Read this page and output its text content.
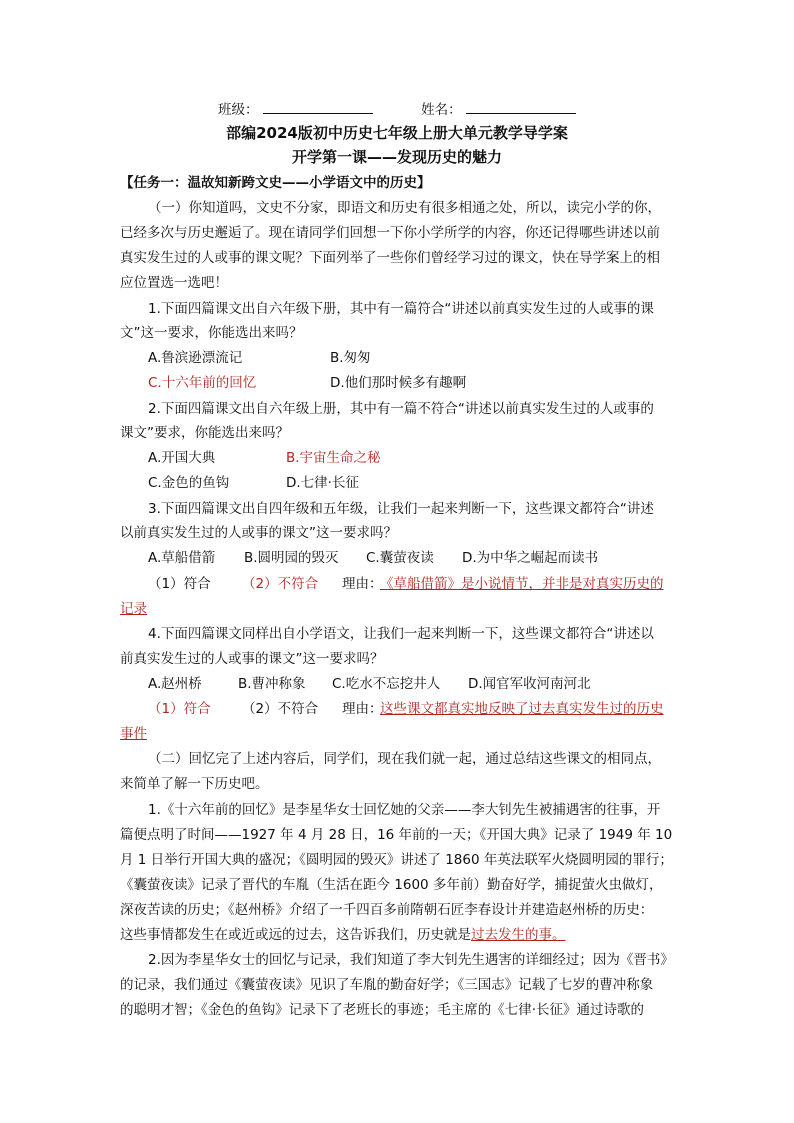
班级：	姓名：
部编2024版初中历史七年级上册大单元教学导学案
开学第一课——发现历史的魅力
【任务一：温故知新跨文史——小学语文中的历史】
（一）你知道吗，文史不分家，即语文和历史有很多相通之处，所以，读完小学的你，
已经多次与历史邂逅了。现在请同学们回想一下你小学所学的内容，你还记得哪些讲述以前
真实发生过的人或事的课文呢？下面列举了一些你们曾经学习过的课文，快在导学案上的相
应位置选一选吧！
1.下面四篇课文出自六年级下册，其中有一篇符合“讲述以前真实发生过的人或事的课
文”这一要求，你能选出来吗？
A.鲁滨逊漂流记	B.匆匆
C.十六年前的回忆	D.他们那时候多有趣啊
2.下面四篇课文出自六年级上册，其中有一篇不符合“讲述以前真实发生过的人或事的
课文”要求，你能选出来吗？
A.开国大典	B.宇宙生命之秘
C.金色的鱼钩	D.七律·长征
3.下面四篇课文出自四年级和五年级，让我们一起来判断一下，这些课文都符合“讲述
以前真实发生过的人或事的课文”这一要求吗？
A.草船借箭 B.圆明园的毁灭 C.囊萤夜读 D.为中华之崛起而读书
（1）符合 （2）不符合 理由：
《草船借箭》是小说情节，并非是对真实历史的
记录
4.下面四篇课文同样出自小学语文，让我们一起来判断一下，这些课文都符合“讲述以
前真实发生过的人或事的课文”这一要求吗？
A.赵州桥	B.曹冲称象 C.吃水不忘挖井人 D.闻官军收河南河北
（1）符合 （2）不符合 理由：
这些课文都真实地反映了过去真实发生过的历史
事件
（二）回忆完了上述内容后，同学们，现在我们就一起，通过总结这些课文的相同点，
来简单了解一下历史吧。
1.《十六年前的回忆》是李星华女士回忆她的父亲——李大钊先生被捕遇害的往事，开
篇便点明了时间——1927 年 4 月 28 日，16 年前的一天；《开国大典》记录了 1949 年 10
月 1 日举行开国大典的盛况；《圆明园的毁灭》讲述了 1860 年英法联军火烧圆明园的罪行；
《囊萤夜读》记录了晋代的车胤（生活在距今 1600 多年前）勤奋好学，捕捉萤火虫做灯，
深夜苦读的历史；《赵州桥》介绍了一千四百多前隋朝石匠李春设计并建造赵州桥的历史：
这些事情都发生在或近或远的过去，这告诉我们，历史就是过去发生的事。
2.因为李星华女士的回忆与记录，我们知道了李大钊先生遇害的详细经过；因为《晋书》
的记录，我们通过《囊萤夜读》见识了车胤的勤奋好学；《三国志》记载了七岁的曹冲称象
的聪明才智；《金色的鱼钩》记录下了老班长的事迹；毛主席的《七律·长征》通过诗歌的
